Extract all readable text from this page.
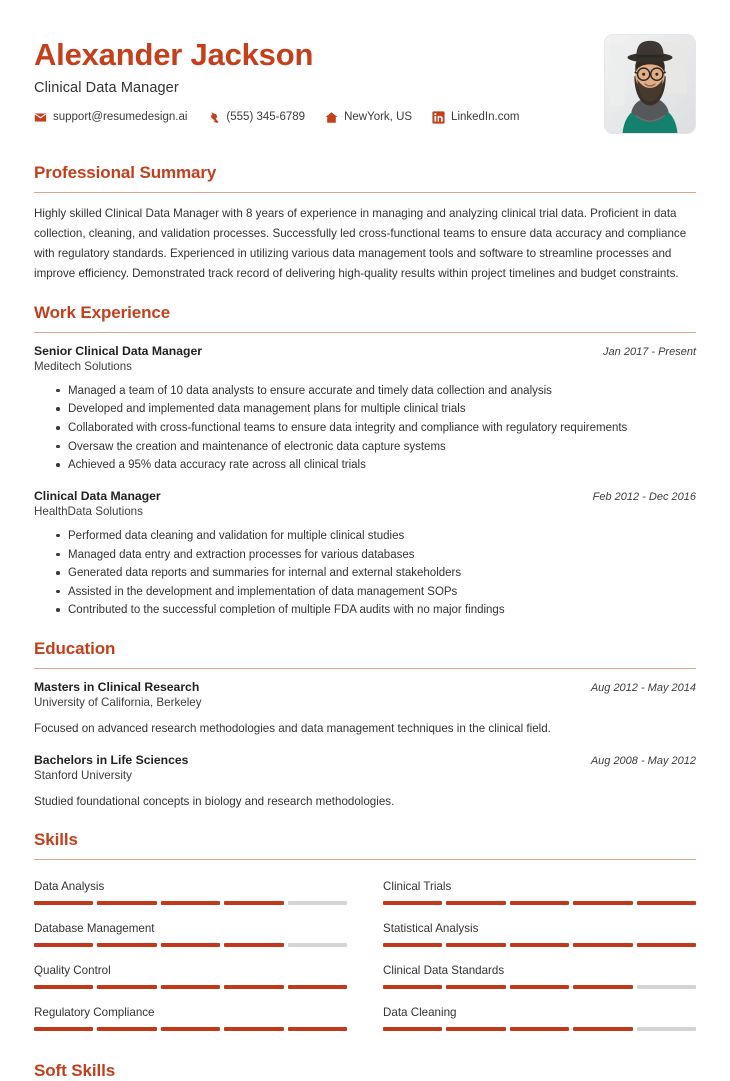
Alexander Jackson
Clinical Data Manager
support@resumedesign.ai	(555) 345-6789	NewYork, US	LinkedIn.com
Professional Summary
Highly skilled Clinical Data Manager with 8 years of experience in managing and analyzing clinical trial data. Proficient in data collection, cleaning, and validation processes. Successfully led cross-functional teams to ensure data accuracy and compliance with regulatory standards. Experienced in utilizing various data management tools and software to streamline processes and improve efficiency. Demonstrated track record of delivering high-quality results within project timelines and budget constraints.
Work Experience
Senior Clinical Data Manager	Jan 2017 - Present
Meditech Solutions
Managed a team of 10 data analysts to ensure accurate and timely data collection and analysis
Developed and implemented data management plans for multiple clinical trials
Collaborated with cross-functional teams to ensure data integrity and compliance with regulatory requirements
Oversaw the creation and maintenance of electronic data capture systems
Achieved a 95% data accuracy rate across all clinical trials
Clinical Data Manager	Feb 2012 - Dec 2016
HealthData Solutions
Performed data cleaning and validation for multiple clinical studies
Managed data entry and extraction processes for various databases
Generated data reports and summaries for internal and external stakeholders
Assisted in the development and implementation of data management SOPs
Contributed to the successful completion of multiple FDA audits with no major findings
Education
Masters in Clinical Research	Aug 2012 - May 2014
University of California, Berkeley
Focused on advanced research methodologies and data management techniques in the clinical field.
Bachelors in Life Sciences	Aug 2008 - May 2012
Stanford University
Studied foundational concepts in biology and research methodologies.
Skills
Data Analysis	Clinical Trials
Database Management	Statistical Analysis
Quality Control	Clinical Data Standards
Regulatory Compliance	Data Cleaning
Soft Skills
